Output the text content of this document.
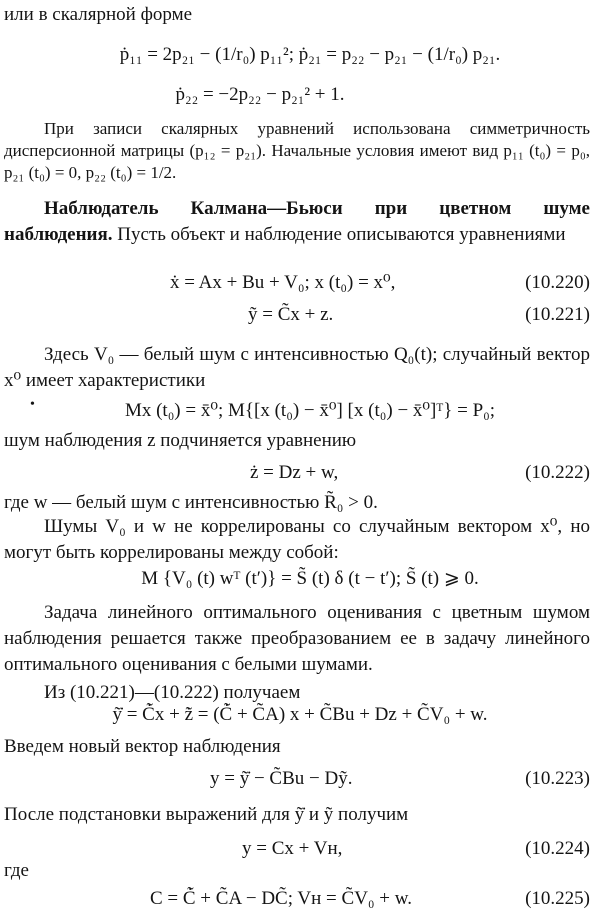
или в скалярной форме
ṗ₁₁ = 2p₂₁ − (1/r₀) p₁₁²; ṗ₂₁ = p₂₂ − p₂₁ − (1/r₀) p₂₁.
ṗ₂₂ = −2p₂₂ − p₂₁² + 1.
При записи скалярных уравнений использована симметричность дисперсионной матрицы (p₁₂ = p₂₁). Начальные условия имеют вид p₁₁ (t₀) = p₀, p₂₁ (t₀) = 0, p₂₂ (t₀) = 1/2.
Наблюдатель Калмана—Бьюси при цветном шуме наблюдения. Пусть объект и наблюдение описываются уравнениями
ẋ = Ax + Bu + V₀; x (t₀) = x⁰,	(10.220)
ỹ = C̃x + z.	(10.221)
Здесь V₀ — белый шум с интенсивностью Q₀(t); случайный вектор x⁰ имеет характеристики
•	Mx (t₀) = x̄⁰; M{[x (t₀) − x̄⁰] [x (t₀) − x̄⁰]ᵀ} = P₀;
шум наблюдения z подчиняется уравнению
ż = Dz + w,	(10.222)
где w — белый шум с интенсивностью R̃₀ > 0.
Шумы V₀ и w не коррелированы со случайным вектором x⁰, но могут быть коррелированы между собой:
M {V₀ (t) wᵀ (t′)} = S̃ (t) δ (t − t′); S̃ (t) ⩾ 0.
Задача линейного оптимального оценивания с цветным шумом наблюдения решается также преобразованием ее в задачу линейного оптимального оценивания с белыми шумами.
Из (10.221)—(10.222) получаем
ỹ̇ = C̃̇x + z̃̇ = (C̃̇ + C̃A) x + C̃Bu + Dz + C̃V₀ + w.
Введем новый вектор наблюдения
y = ỹ̇ − C̃Bu − Dỹ.	(10.223)
После подстановки выражений для ỹ̇ и ỹ получим
y = Cx + Vн,	(10.224)
где
C = C̃̇ + C̃A − DC̃; Vн = C̃V₀ + w.	(10.225)
